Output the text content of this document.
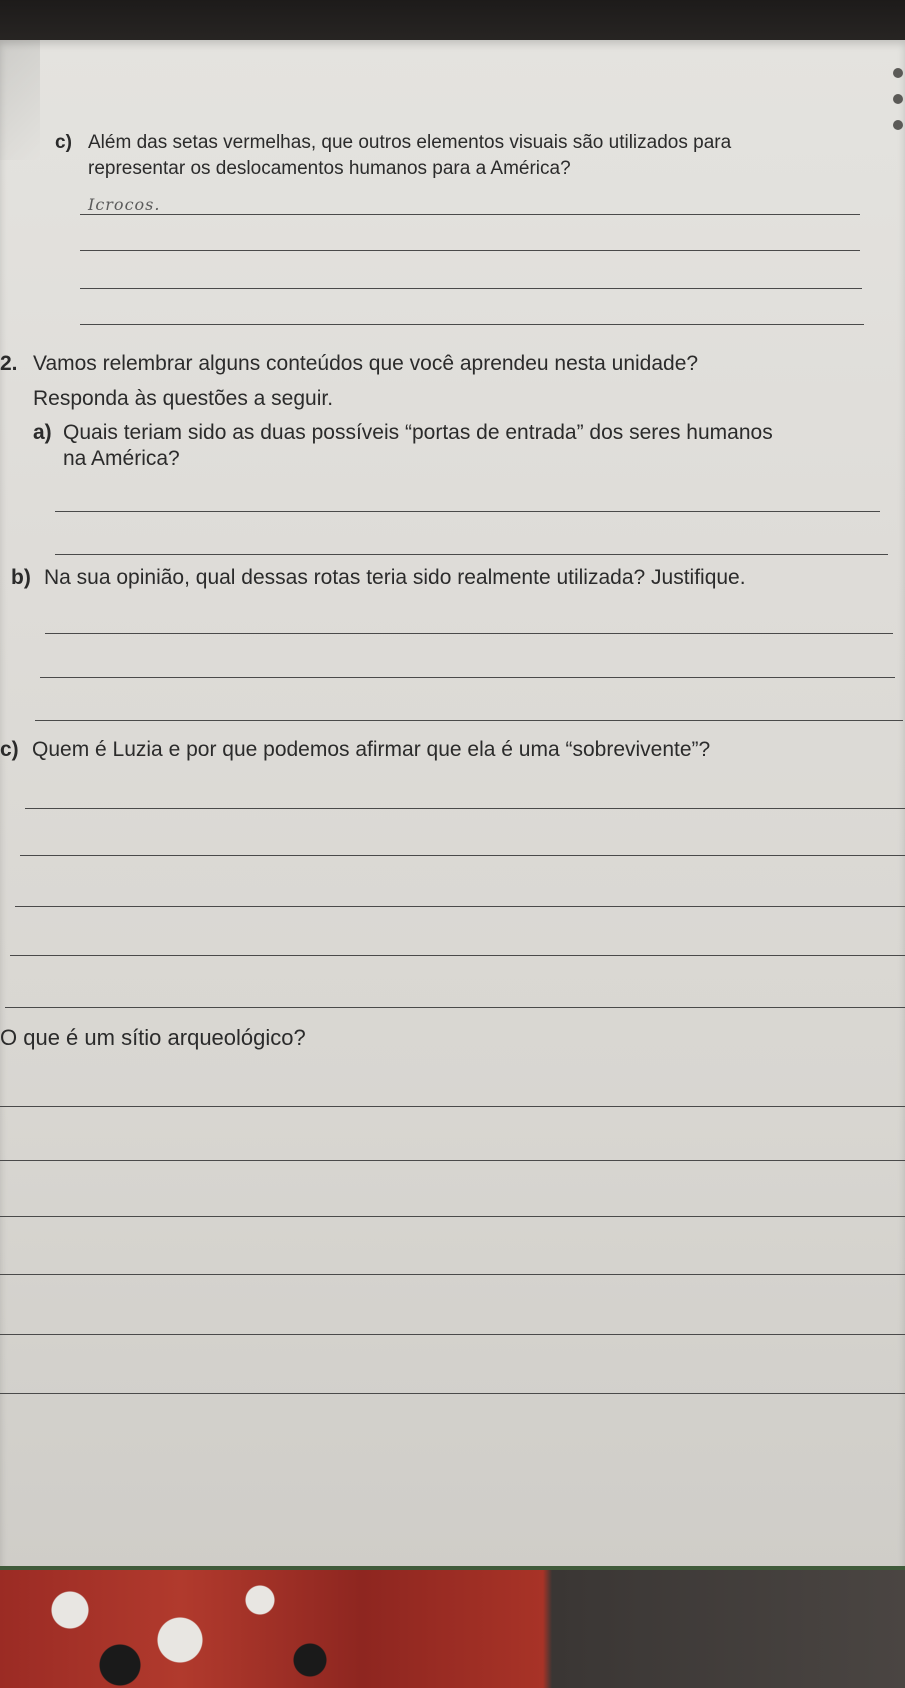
c) Além das setas vermelhas, que outros elementos visuais são utilizados para
representar os deslocamentos humanos para a América?
Icrocos.
2. Vamos relembrar alguns conteúdos que você aprendeu nesta unidade?
Responda às questões a seguir.
a) Quais teriam sido as duas possíveis “portas de entrada” dos seres humanos
na América?
b) Na sua opinião, qual dessas rotas teria sido realmente utilizada? Justifique.
c) Quem é Luzia e por que podemos afirmar que ela é uma “sobrevivente”?
O que é um sítio arqueológico?
